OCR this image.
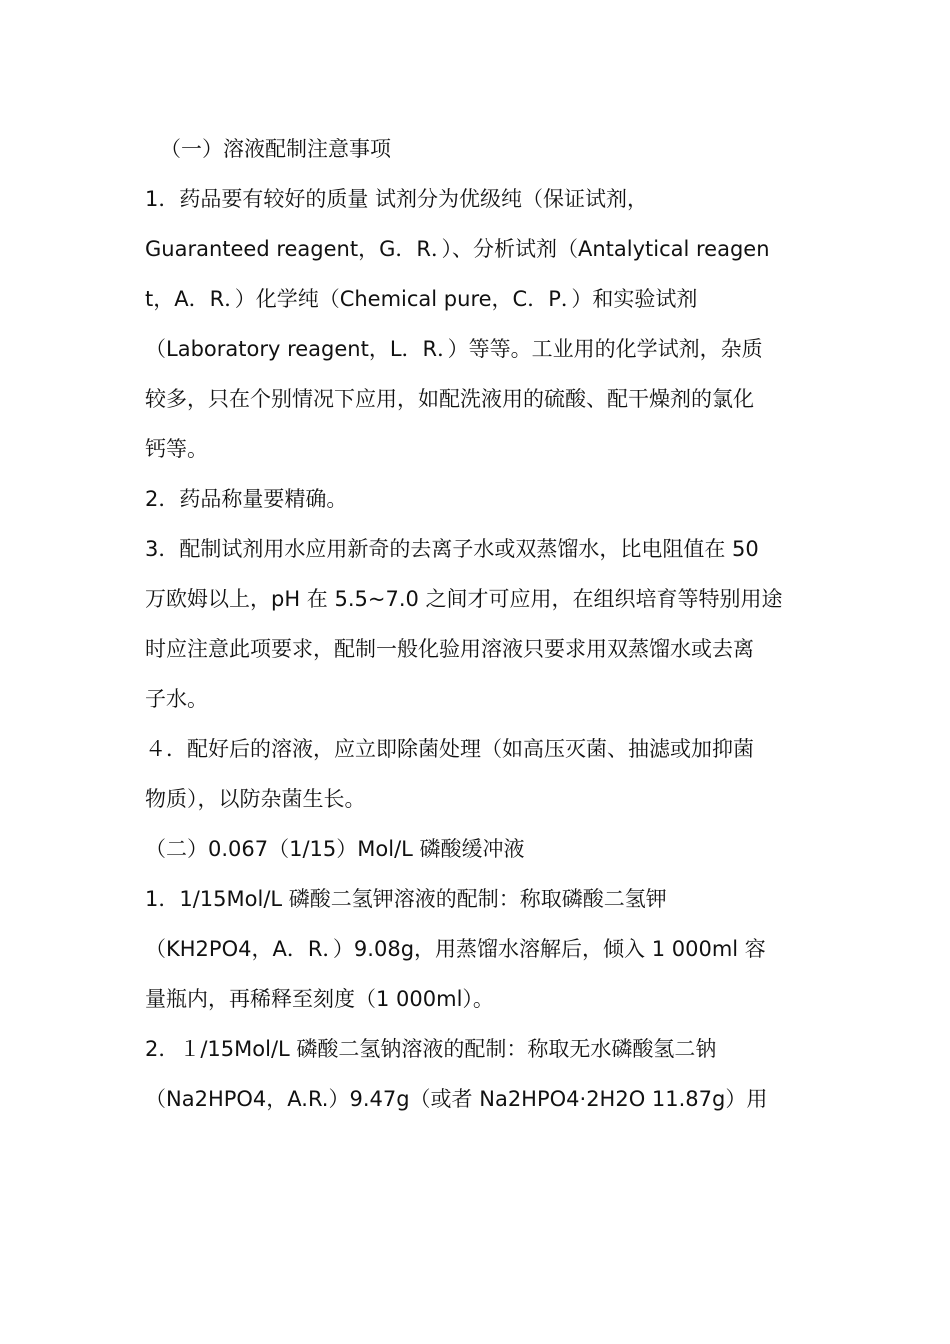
（一）溶液配制注意事项
1．药品要有较好的质量 试剂分为优级纯（保证试剂，
Guaranteed reagent，G．R．）、分析试剂（Antalytical reagen
t，A．R．）化学纯（Chemical pure，C．P．）和实验试剂
（Laboratory reagent，L．R．）等等。工业用的化学试剂，杂质
较多，只在个别情况下应用，如配洗液用的硫酸、配干燥剂的氯化
钙等。
2．药品称量要精确。
3．配制试剂用水应用新奇的去离子水或双蒸馏水，比电阻值在 50
万欧姆以上，pH 在 5.5~7.0 之间才可应用，在组织培育等特别用途
时应注意此项要求，配制一般化验用溶液只要求用双蒸馏水或去离
子水。
４．配好后的溶液，应立即除菌处理（如高压灭菌、抽滤或加抑菌
物质），以防杂菌生长。
（二）0.067（1/15）Mol/L 磷酸缓冲液
1．1/15Mol/L 磷酸二氢钾溶液的配制：称取磷酸二氢钾
（KH2PO4，A．R．）9.08g，用蒸馏水溶解后，倾入 1 000ml 容
量瓶内，再稀释至刻度（1 000ml）。
2．１/15Mol/L 磷酸二氢钠溶液的配制：称取无水磷酸氢二钠
（Na2HPO4，A.R.）9.47g（或者 Na2HPO4·2H2O 11.87g）用
